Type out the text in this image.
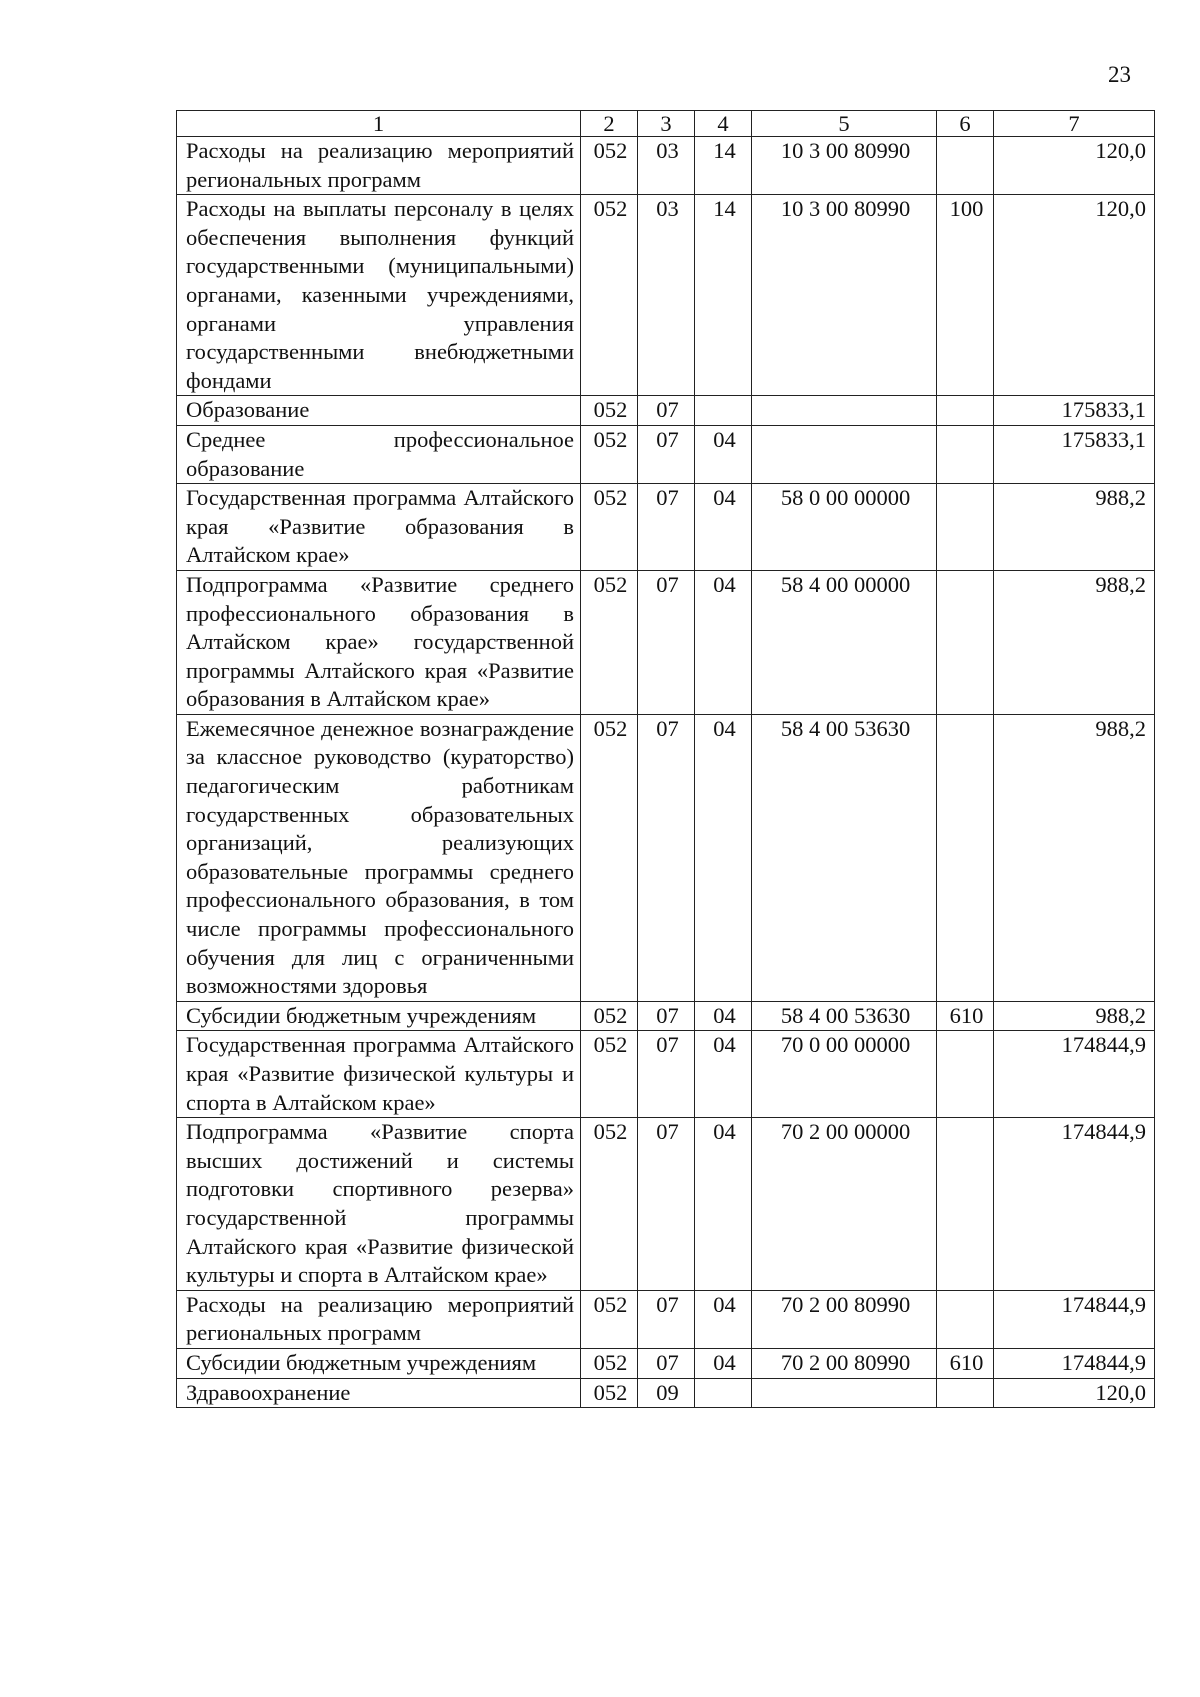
23
1	2	3	4	5	6	7
Расходы на реализацию мероприятий региональных программ	052	03	14	10 3 00 80990		120,0
Расходы на выплаты персоналу в целях обеспечения выполнения функций государственными (муниципальными) органами, казенными учреждениями, органами управления государственными внебюджетными фондами	052	03	14	10 3 00 80990	100	120,0
Образование	052	07				175833,1
Среднее профессиональное образование	052	07	04			175833,1
Государственная программа Алтайского края «Развитие образования в Алтайском крае»	052	07	04	58 0 00 00000		988,2
Подпрограмма «Развитие среднего профессионального образования в Алтайском крае» государственной программы Алтайского края «Развитие образования в Алтайском крае»	052	07	04	58 4 00 00000		988,2
Ежемесячное денежное вознаграждение за классное руководство (кураторство) педагогическим работникам государственных образовательных организаций, реализующих образовательные программы среднего профессионального образования, в том числе программы профессионального обучения для лиц с ограниченными возможностями здоровья	052	07	04	58 4 00 53630		988,2
Субсидии бюджетным учреждениям	052	07	04	58 4 00 53630	610	988,2
Государственная программа Алтайского края «Развитие физической культуры и спорта в Алтайском крае»	052	07	04	70 0 00 00000		174844,9
Подпрограмма «Развитие спорта высших достижений и системы подготовки спортивного резерва» государственной программы Алтайского края «Развитие физической культуры и спорта в Алтайском крае»	052	07	04	70 2 00 00000		174844,9
Расходы на реализацию мероприятий региональных программ	052	07	04	70 2 00 80990		174844,9
Субсидии бюджетным учреждениям	052	07	04	70 2 00 80990	610	174844,9
Здравоохранение	052	09				120,0
